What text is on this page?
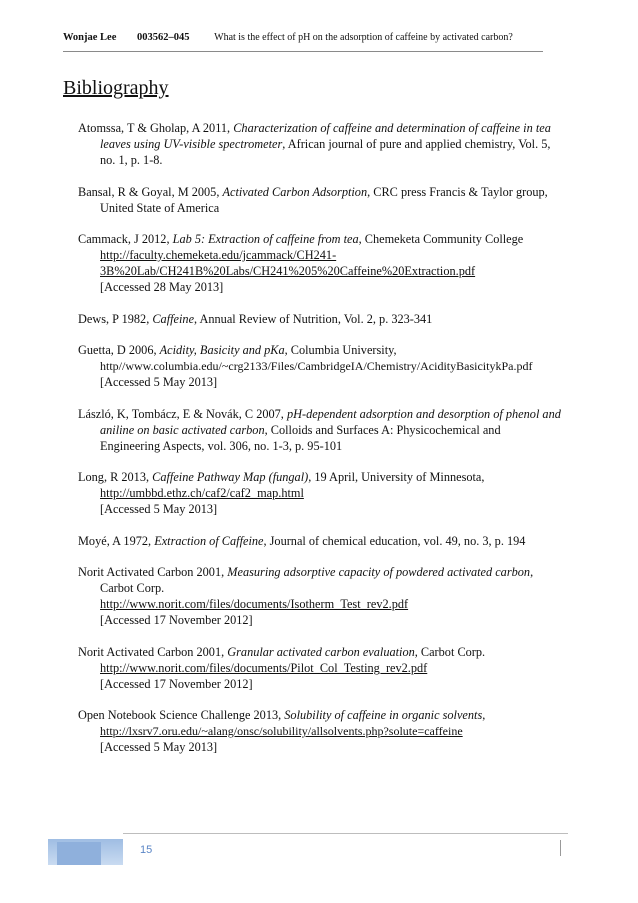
Wonjae Lee 003562–045 What is the effect of pH on the adsorption of caffeine by activated carbon?
Bibliography
Atomssa, T & Gholap, A 2011, Characterization of caffeine and determination of caffeine in tea leaves using UV-visible spectrometer, African journal of pure and applied chemistry, Vol. 5, no. 1, p. 1-8.
Bansal, R & Goyal, M 2005, Activated Carbon Adsorption, CRC press Francis & Taylor group, United State of America
Cammack, J 2012, Lab 5: Extraction of caffeine from tea, Chemeketa Community College
http://faculty.chemeketa.edu/jcammack/CH241-
3B%20Lab/CH241B%20Labs/CH241%205%20Caffeine%20Extraction.pdf
[Accessed 28 May 2013]
Dews, P 1982, Caffeine, Annual Review of Nutrition, Vol. 2, p. 323-341
Guetta, D 2006, Acidity, Basicity and pKa, Columbia University,
http//www.columbia.edu/~crg2133/Files/CambridgeIA/Chemistry/AcidityBasicitykPa.pdf
[Accessed 5 May 2013]
László, K, Tombácz, E & Novák, C 2007, pH-dependent adsorption and desorption of phenol and aniline on basic activated carbon, Colloids and Surfaces A: Physicochemical and Engineering Aspects, vol. 306, no. 1-3, p. 95-101
Long, R 2013, Caffeine Pathway Map (fungal), 19 April, University of Minnesota,
http://umbbd.ethz.ch/caf2/caf2_map.html
[Accessed 5 May 2013]
Moyé, A 1972, Extraction of Caffeine, Journal of chemical education, vol. 49, no. 3, p. 194
Norit Activated Carbon 2001, Measuring adsorptive capacity of powdered activated carbon,
Carbot Corp.
http://www.norit.com/files/documents/Isotherm_Test_rev2.pdf
[Accessed 17 November 2012]
Norit Activated Carbon 2001, Granular activated carbon evaluation, Carbot Corp.
http://www.norit.com/files/documents/Pilot_Col_Testing_rev2.pdf
[Accessed 17 November 2012]
Open Notebook Science Challenge 2013, Solubility of caffeine in organic solvents,
http://lxsrv7.oru.edu/~alang/onsc/solubility/allsolvents.php?solute=caffeine
[Accessed 5 May 2013]
15
